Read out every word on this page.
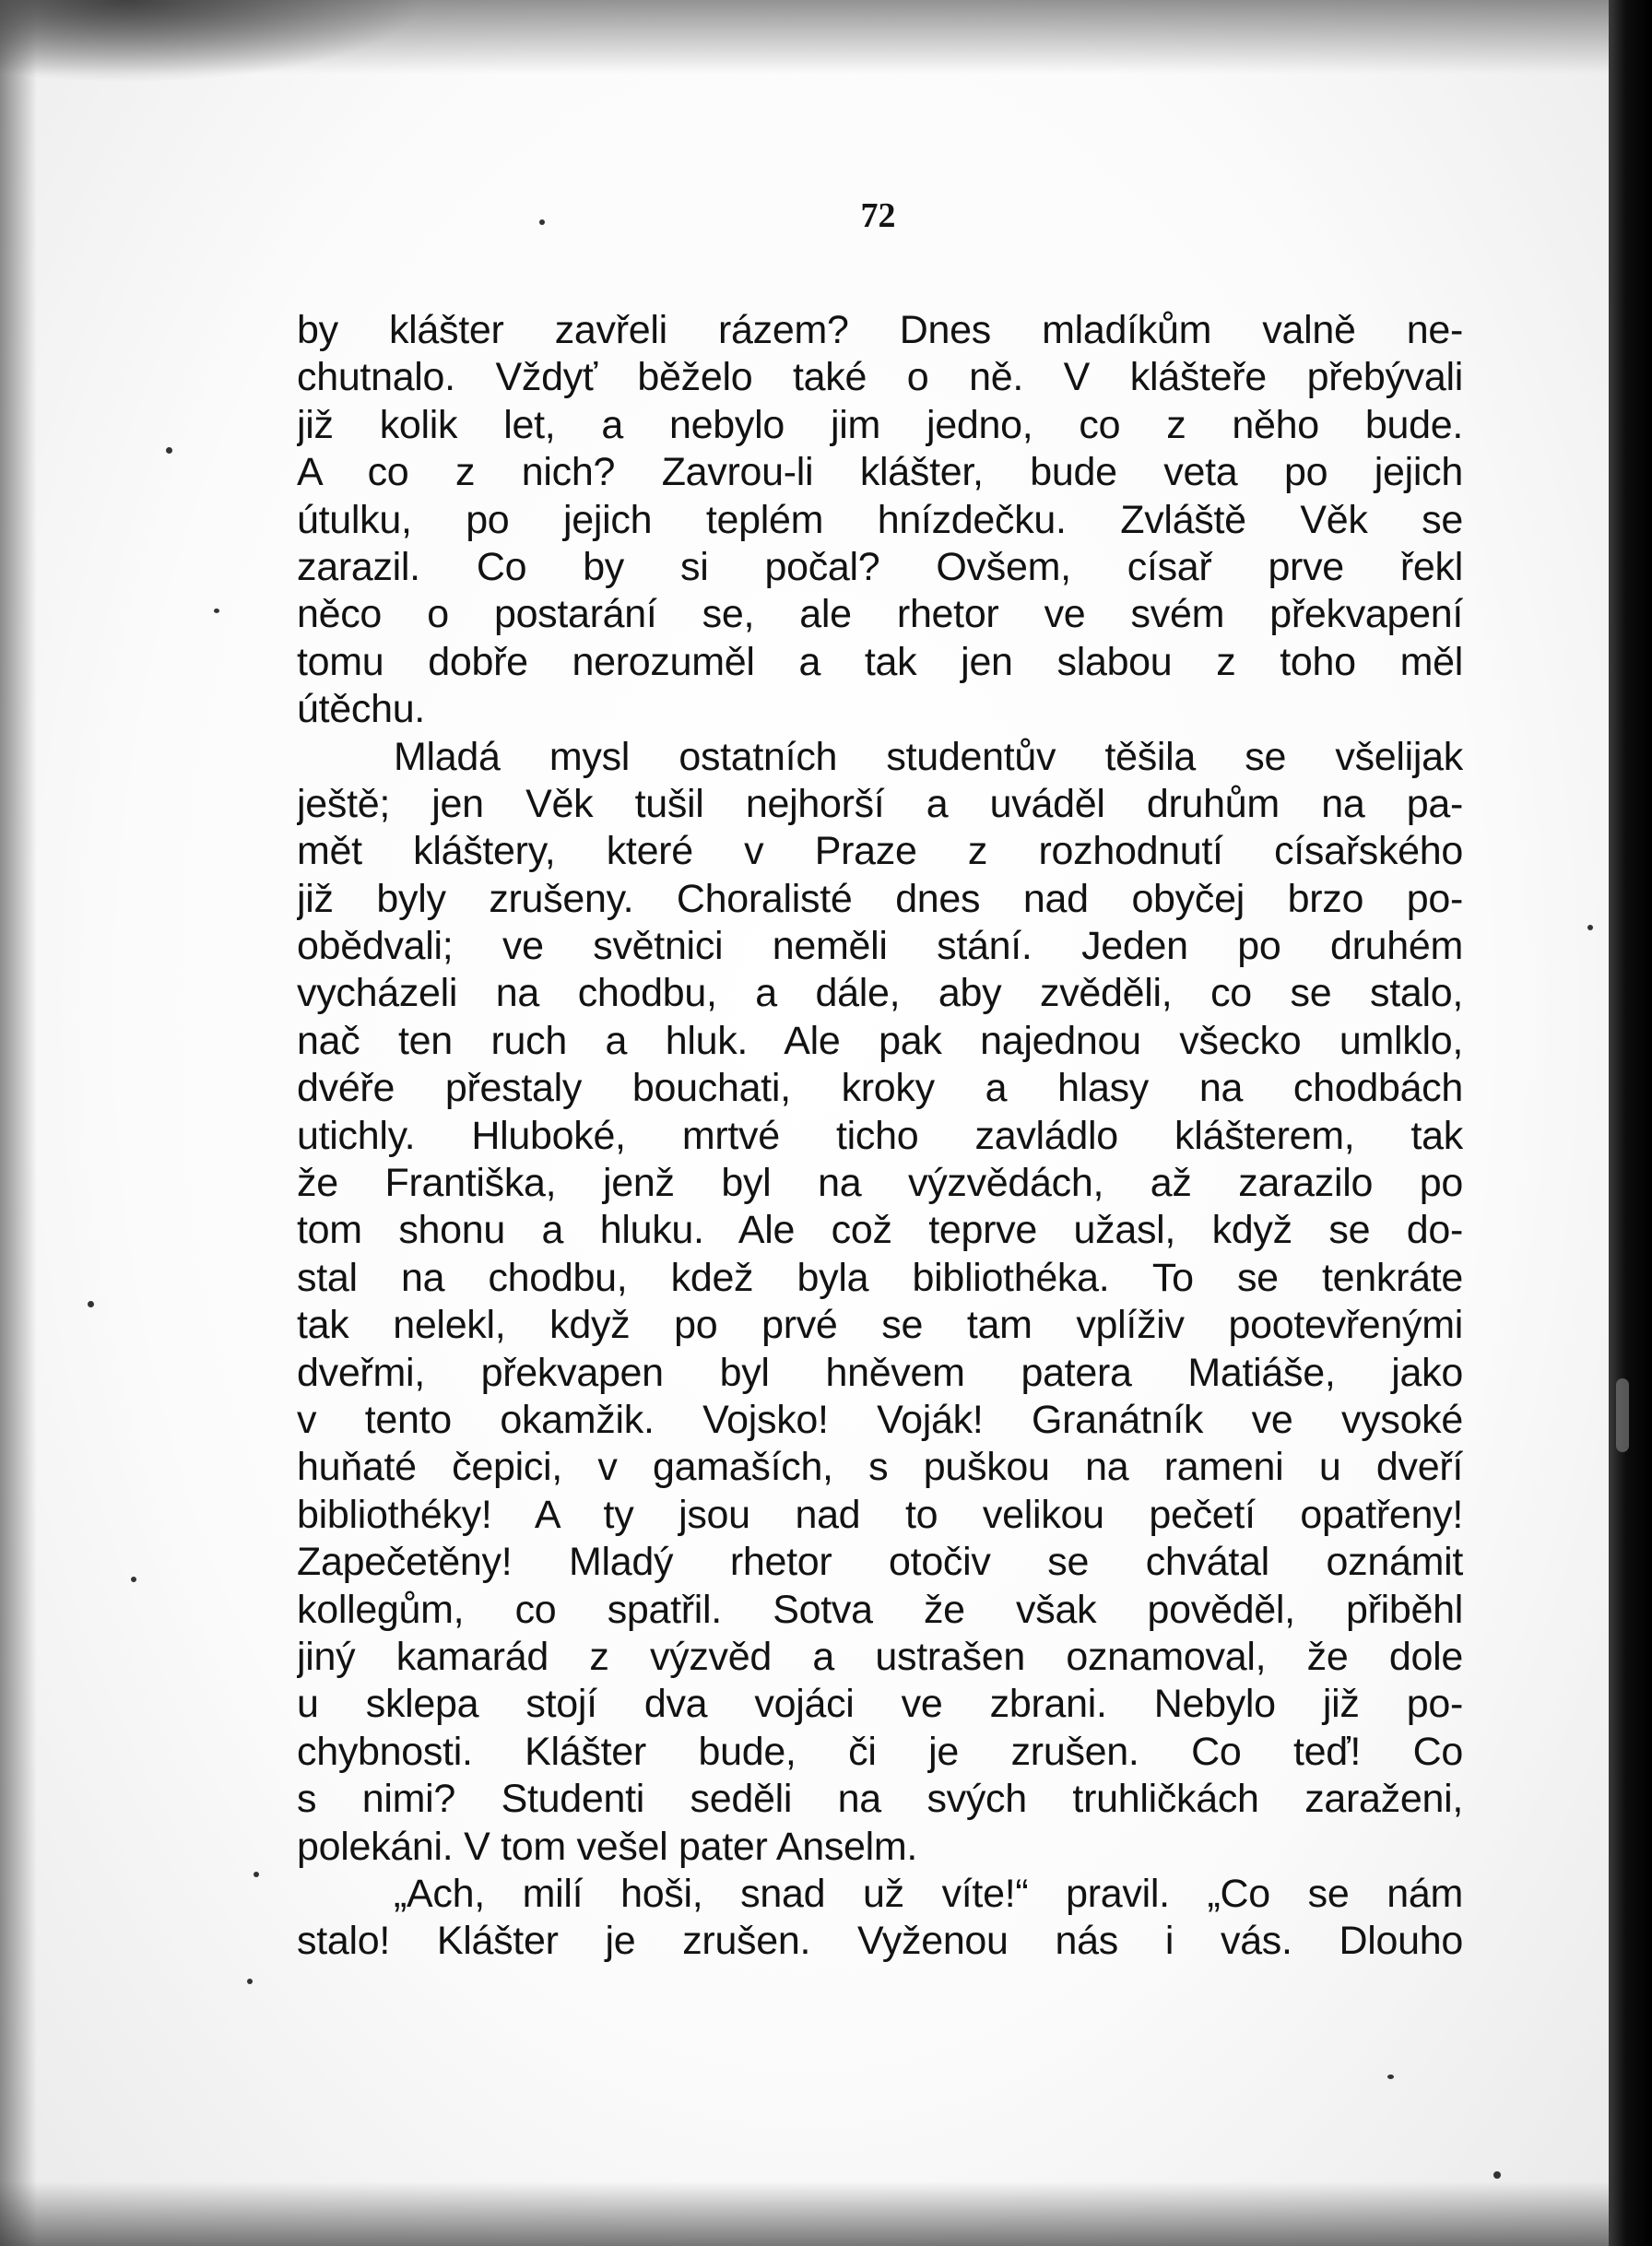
72
by klášter zavřeli rázem? Dnes mladíkům valně ne-
chutnalo. Vždyť běželo také o ně. V klášteře přebývali
již kolik let, a nebylo jim jedno, co z něho bude.
A co z nich? Zavrou-li klášter, bude veta po jejich
útulku, po jejich teplém hnízdečku. Zvláště Věk se
zarazil. Co by si počal? Ovšem, císař prve řekl
něco o postarání se, ale rhetor ve svém překvapení
tomu dobře nerozuměl a tak jen slabou z toho měl
útěchu.
Mladá mysl ostatních studentův těšila se všelijak
ještě; jen Věk tušil nejhorší a uváděl druhům na pa-
mět kláštery, které v Praze z rozhodnutí císařského
již byly zrušeny. Choralisté dnes nad obyčej brzo po-
obědvali; ve světnici neměli stání. Jeden po druhém
vycházeli na chodbu, a dále, aby zvěděli, co se stalo,
nač ten ruch a hluk. Ale pak najednou všecko umlklo,
dvéře přestaly bouchati, kroky a hlasy na chodbách
utichly. Hluboké, mrtvé ticho zavládlo klášterem, tak
že Františka, jenž byl na výzvědách, až zarazilo po
tom shonu a hluku. Ale což teprve užasl, když se do-
stal na chodbu, kdež byla bibliothéka. To se tenkráte
tak nelekl, když po prvé se tam vplíživ pootevřenými
dveřmi, překvapen byl hněvem patera Matiáše, jako
v tento okamžik. Vojsko! Voják! Granátník ve vysoké
huňaté čepici, v gamaších, s puškou na rameni u dveří
bibliothéky! A ty jsou nad to velikou pečetí opatřeny!
Zapečetěny! Mladý rhetor otočiv se chvátal oznámit
kollegům, co spatřil. Sotva že však pověděl, přiběhl
jiný kamarád z výzvěd a ustrašen oznamoval, že dole
u sklepa stojí dva vojáci ve zbrani. Nebylo již po-
chybnosti. Klášter bude, či je zrušen. Co teď! Co
s nimi? Studenti seděli na svých truhličkách zaraženi,
polekáni. V tom vešel pater Anselm.
„Ach, milí hoši, snad už víte!“ pravil. „Co se nám
stalo! Klášter je zrušen. Vyženou nás i vás. Dlouho
